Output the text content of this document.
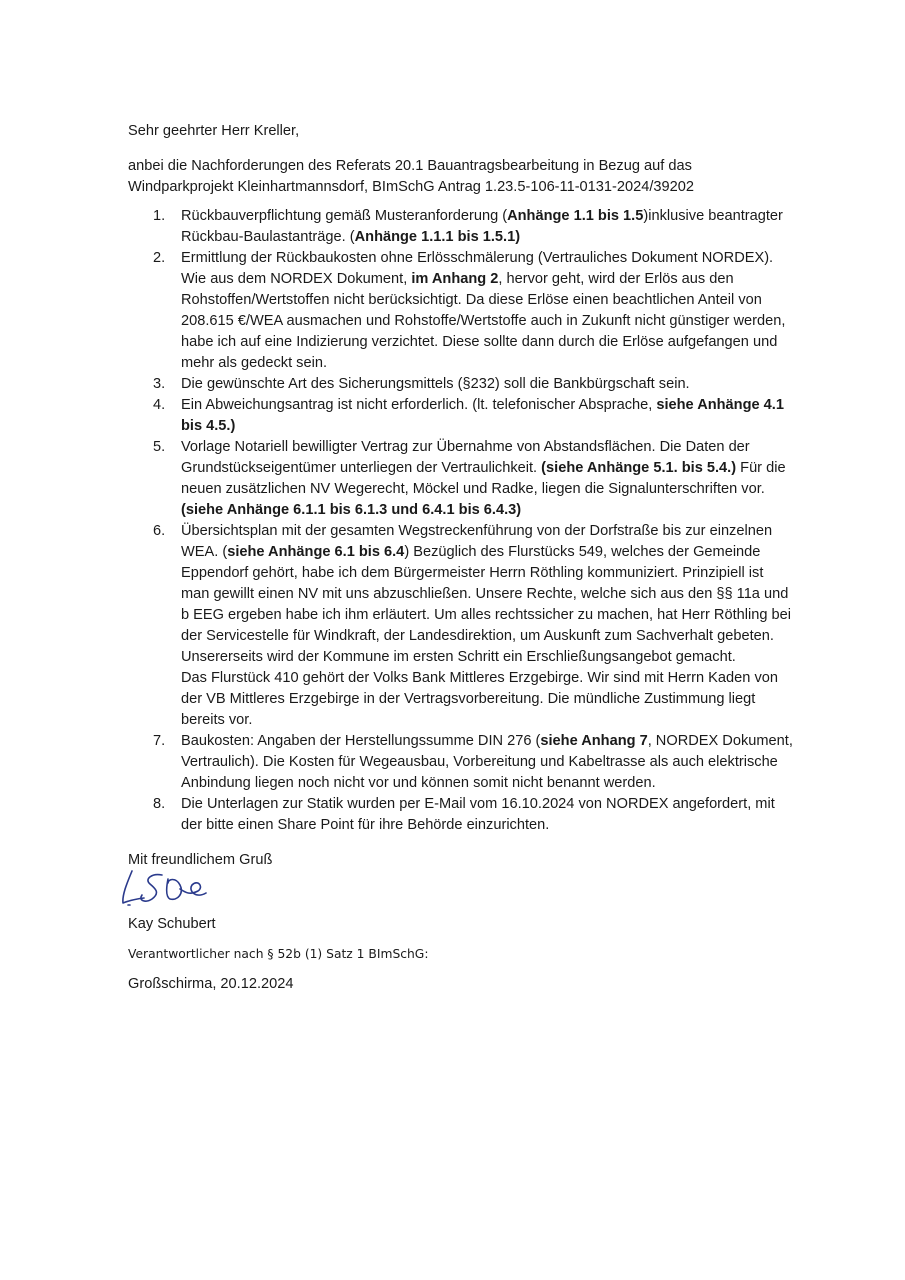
Sehr geehrter Herr Kreller,

anbei die Nachforderungen des Referats 20.1 Bauantragsbearbeitung in Bezug auf das
Windparkprojekt Kleinhartmannsdorf, BImSchG Antrag 1.23.5-106-11-0131-2024/39202

1. Rückbauverpflichtung gemäß Musteranforderung (Anhänge 1.1 bis 1.5)inklusive beantragter Rückbau-Baulastanträge. (Anhänge 1.1.1 bis 1.5.1)
2. Ermittlung der Rückbaukosten ohne Erlösschmälerung (Vertrauliches Dokument NORDEX). Wie aus dem NORDEX Dokument, im Anhang 2, hervor geht, wird der Erlös aus den Rohstoffen/Wertstoffen nicht berücksichtigt. Da diese Erlöse einen beachtlichen Anteil von 208.615 €/WEA ausmachen und Rohstoffe/Wertstoffe auch in Zukunft nicht günstiger werden, habe ich auf eine Indizierung verzichtet. Diese sollte dann durch die Erlöse aufgefangen und mehr als gedeckt sein.
3. Die gewünschte Art des Sicherungsmittels (§232) soll die Bankbürgschaft sein.
4. Ein Abweichungsantrag ist nicht erforderlich. (lt. telefonischer Absprache, siehe Anhänge 4.1 bis 4.5.)
5. Vorlage Notariell bewilligter Vertrag zur Übernahme von Abstandsflächen. Die Daten der Grundstückseigentümer unterliegen der Vertraulichkeit. (siehe Anhänge 5.1. bis 5.4.) Für die neuen zusätzlichen NV Wegerecht, Möckel und Radke, liegen die Signalunterschriften vor. (siehe Anhänge 6.1.1 bis 6.1.3 und 6.4.1 bis 6.4.3)
6. Übersichtsplan mit der gesamten Wegstreckenführung von der Dorfstraße bis zur einzelnen WEA. (siehe Anhänge 6.1 bis 6.4) Bezüglich des Flurstücks 549, welches der Gemeinde Eppendorf gehört, habe ich dem Bürgermeister Herrn Röthling kommuniziert. Prinzipiell ist man gewillt einen NV mit uns abzuschließen. Unsere Rechte, welche sich aus den §§ 11a und b EEG ergeben habe ich ihm erläutert. Um alles rechtssicher zu machen, hat Herr Röthling bei der Servicestelle für Windkraft, der Landesdirektion, um Auskunft zum Sachverhalt gebeten. Unsererseits wird der Kommune im ersten Schritt ein Erschließungsangebot gemacht.
Das Flurstück 410 gehört der Volks Bank Mittleres Erzgebirge. Wir sind mit Herrn Kaden von der VB Mittleres Erzgebirge in der Vertragsvorbereitung. Die mündliche Zustimmung liegt bereits vor.
7. Baukosten: Angaben der Herstellungssumme DIN 276 (siehe Anhang 7, NORDEX Dokument, Vertraulich). Die Kosten für Wegeausbau, Vorbereitung und Kabeltrasse als auch elektrische Anbindung liegen noch nicht vor und können somit nicht benannt werden.
8. Die Unterlagen zur Statik wurden per E-Mail vom 16.10.2024 von NORDEX angefordert, mit der bitte einen Share Point für ihre Behörde einzurichten.
Mit freundlichem Gruß
Kay Schubert
Verantwortlicher nach § 52b (1) Satz 1 BImSchG:
Großschirma, 20.12.2024
